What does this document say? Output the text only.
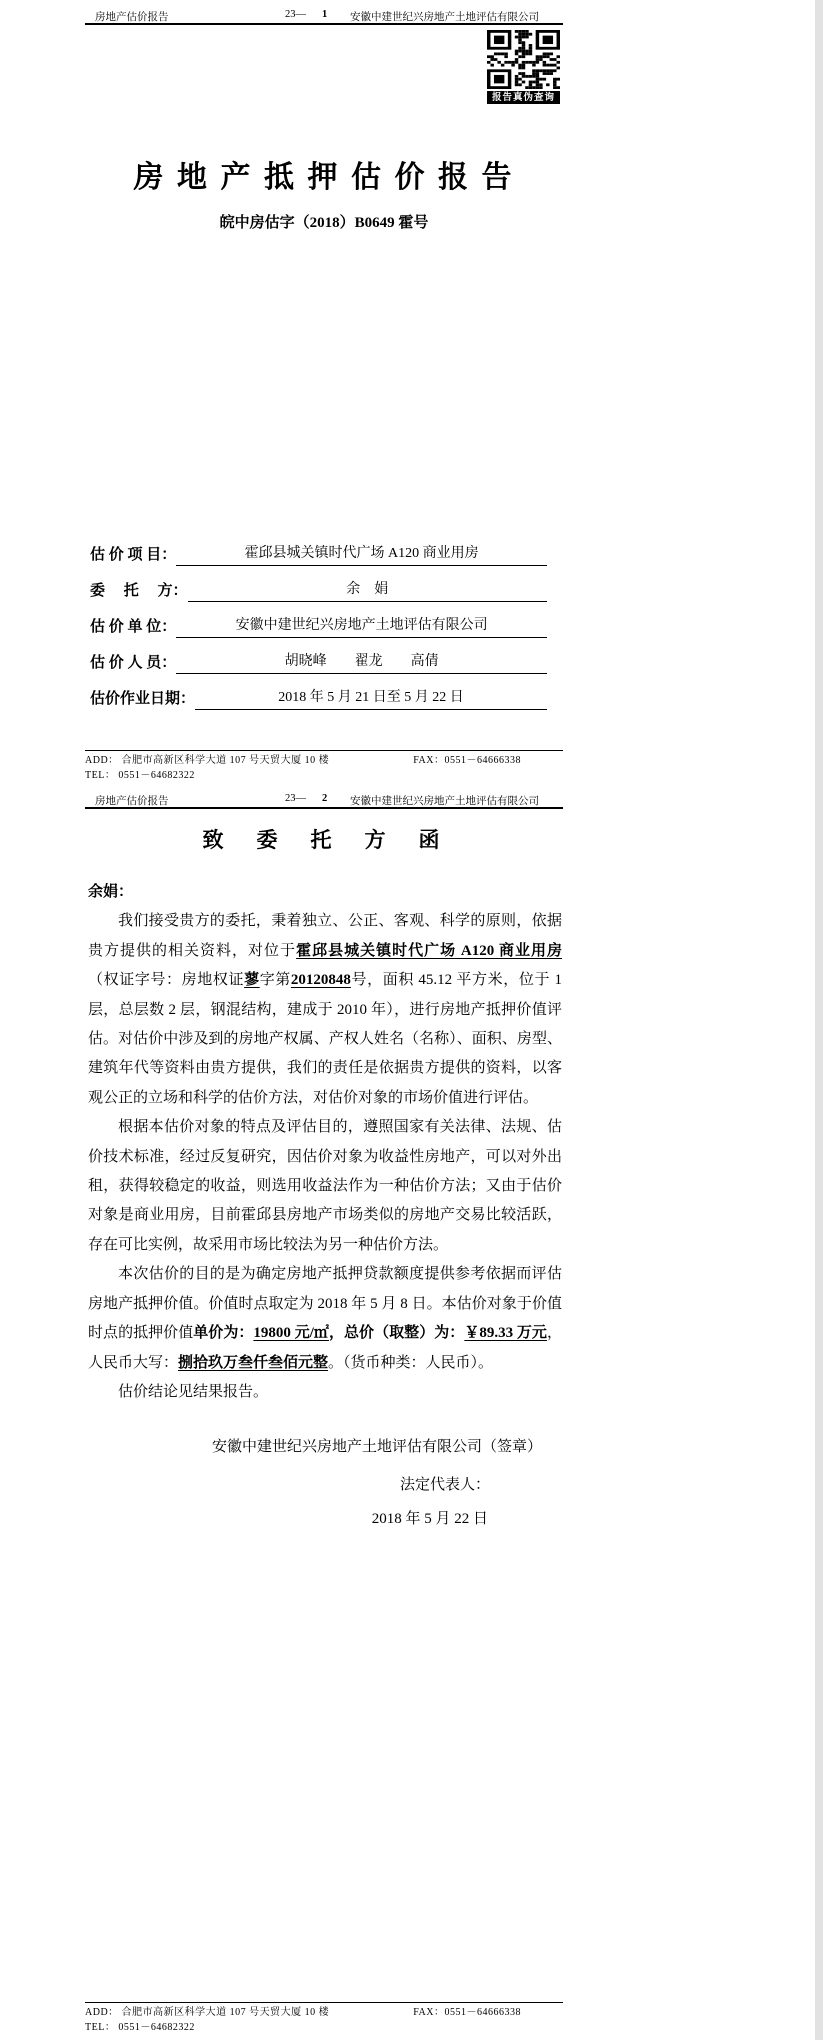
房地产估价报告	23— 1 安徽中建世纪兴房地产土地评估有限公司
报告真伪查询
房 地 产 抵 押 估 价 报 告
皖中房估字（2018）B0649 霍号
估 价 项 目：	霍邱县城关镇时代广场 A120 商业用房
委　 托　 方：	余　娟
估 价 单 位：	安徽中建世纪兴房地产土地评估有限公司
估 价 人 员：	胡晓峰　　翟龙　　高倩
估价作业日期：	2018 年 5 月 21 日至 5 月 22 日
ADD： 合肥市高新区科学大道 107 号天贸大厦 10 楼	FAX：0551－64666338
TEL： 0551－64682322
房地产估价报告	23— 2 安徽中建世纪兴房地产土地评估有限公司
致　委　托　方　函

余娟：

我们接受贵方的委托，秉着独立、公正、客观、科学的原则，依据贵方提供的相关资料，对位于霍邱县城关镇时代广场 A120 商业用房（权证字号：房地权证蓼字第20120848号，面积 45.12 平方米，位于 1 层，总层数 2 层，钢混结构，建成于 2010 年），进行房地产抵押价值评估。对估价中涉及到的房地产权属、产权人姓名（名称）、面积、房型、建筑年代等资料由贵方提供，我们的责任是依据贵方提供的资料，以客观公正的立场和科学的估价方法，对估价对象的市场价值进行评估。

根据本估价对象的特点及评估目的，遵照国家有关法律、法规、估价技术标准，经过反复研究，因估价对象为收益性房地产，可以对外出租，获得较稳定的收益，则选用收益法作为一种估价方法；又由于估价对象是商业用房，目前霍邱县房地产市场类似的房地产交易比较活跃，存在可比实例，故采用市场比较法为另一种估价方法。

本次估价的目的是为确定房地产抵押贷款额度提供参考依据而评估房地产抵押价值。价值时点取定为 2018 年 5 月 8 日。本估价对象于价值时点的抵押价值单价为：19800 元/㎡，总价（取整）为：￥89.33 万元，人民币大写：捌拾玖万叁仟叁佰元整。（货币种类：人民币）。

估价结论见结果报告。

安徽中建世纪兴房地产土地评估有限公司（签章）

法定代表人：

2018 年 5 月 22 日

ADD： 合肥市高新区科学大道 107 号天贸大厦 10 楼	FAX：0551－64666338
TEL： 0551－64682322
